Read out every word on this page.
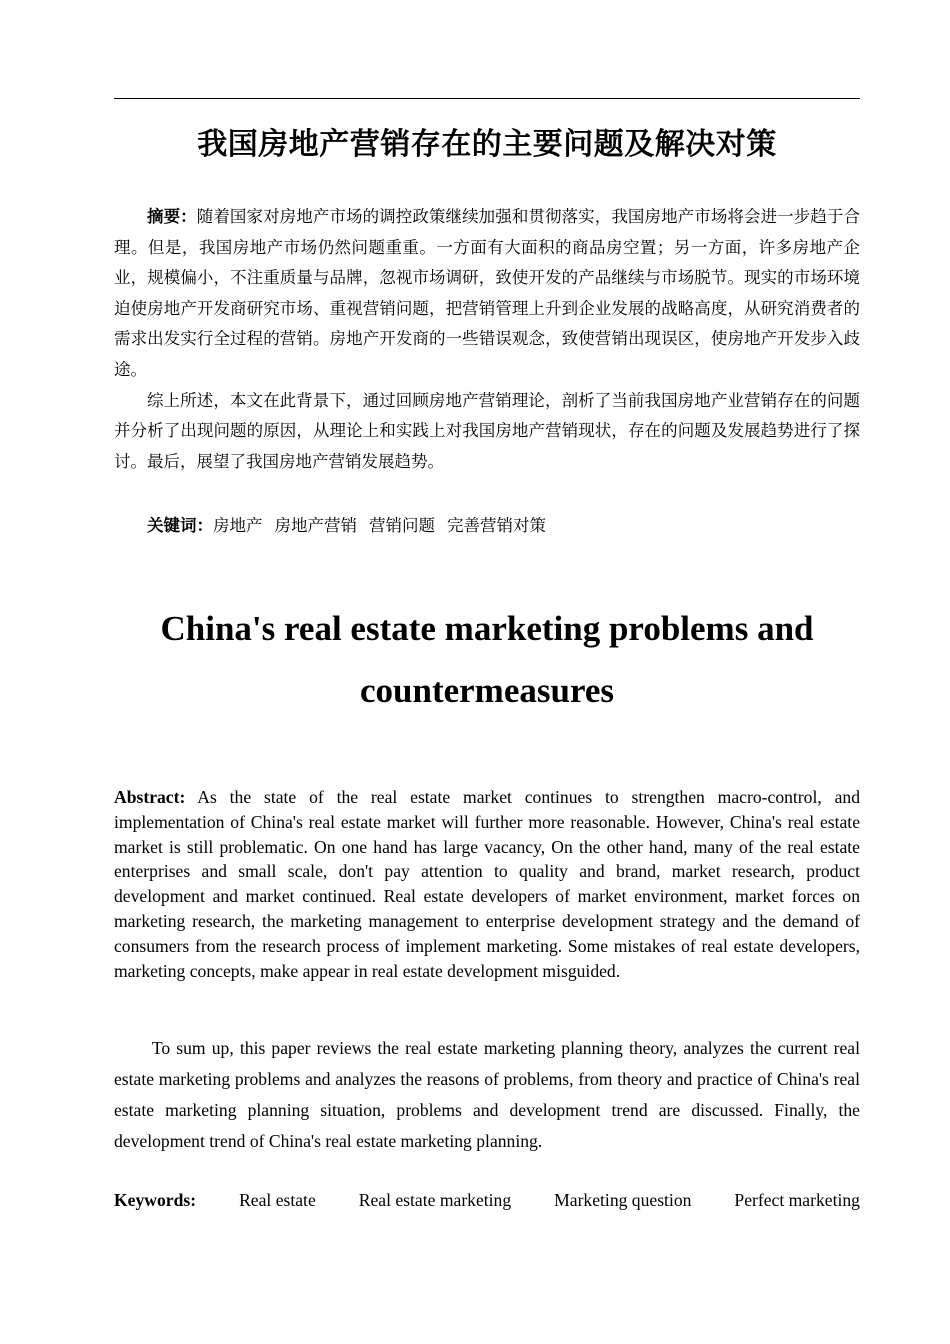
我国房地产营销存在的主要问题及解决对策

摘要：随着国家对房地产市场的调控政策继续加强和贯彻落实，我国房地产市场将会进一步趋于合理。但是，我国房地产市场仍然问题重重。一方面有大面积的商品房空置；另一方面，许多房地产企业，规模偏小，不注重质量与品牌，忽视市场调研，致使开发的产品继续与市场脱节。现实的市场环境迫使房地产开发商研究市场、重视营销问题，把营销管理上升到企业发展的战略高度，从研究消费者的需求出发实行全过程的营销。房地产开发商的一些错误观念，致使营销出现误区，使房地产开发步入歧途。

综上所述，本文在此背景下，通过回顾房地产营销理论，剖析了当前我国房地产业营销存在的问题并分析了出现问题的原因，从理论上和实践上对我国房地产营销现状，存在的问题及发展趋势进行了探讨。最后，展望了我国房地产营销发展趋势。

关键词：房地产 房地产营销 营销问题 完善营销对策
China's real estate marketing problems and
countermeasures

Abstract: As the state of the real estate market continues to strengthen macro-control, and implementation of China's real estate market will further more reasonable. However, China's real estate market is still problematic. On one hand has large vacancy, On the other hand, many of the real estate enterprises and small scale, don't pay attention to quality and brand, market research, product development and market continued. Real estate developers of market environment, market forces on marketing research, the marketing management to enterprise development strategy and the demand of consumers from the research process of implement marketing. Some mistakes of real estate developers, marketing concepts, make appear in real estate development misguided.

To sum up, this paper reviews the real estate marketing planning theory, analyzes the current real estate marketing problems and analyzes the reasons of problems, from theory and practice of China's real estate marketing planning situation, problems and development trend are discussed. Finally, the development trend of China's real estate marketing planning.

Keywords: Real estate Real estate marketing Marketing question Perfect marketing
